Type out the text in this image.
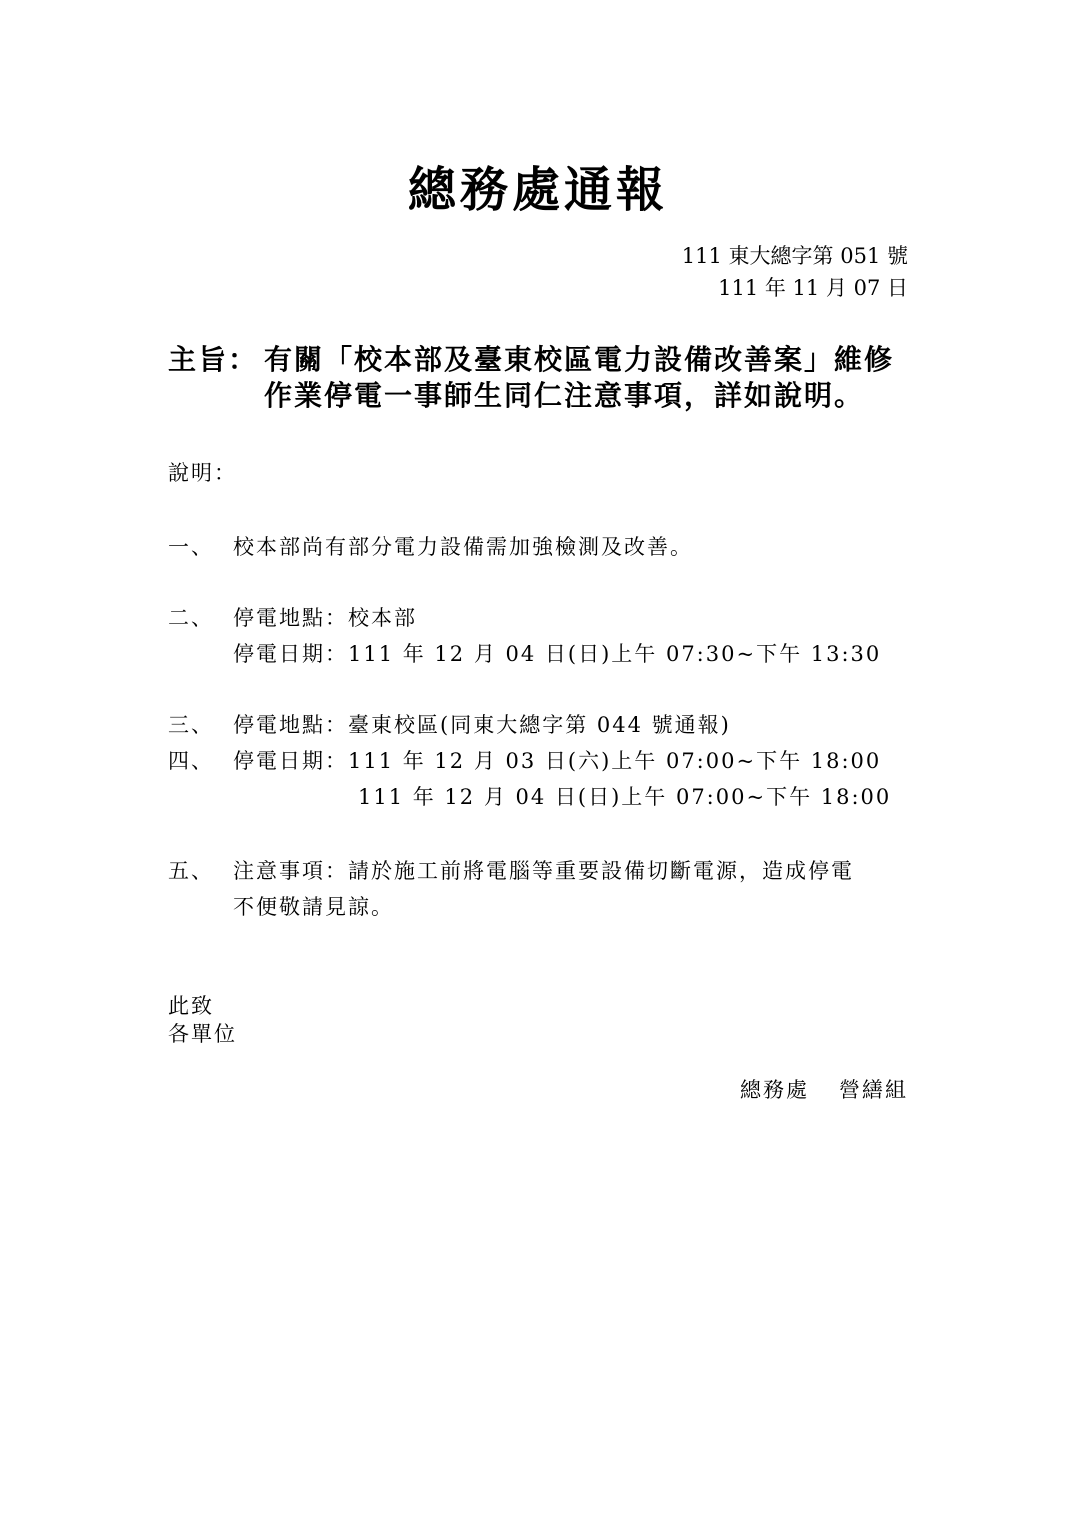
總務處通報
111 東大總字第 051 號
111 年 11 月 07 日
主旨： 有關「校本部及臺東校區電力設備改善案」維修作業停電一事師生同仁注意事項，詳如說明。
說明：
一、 校本部尚有部分電力設備需加強檢測及改善。
二、 停電地點：校本部
停電日期：111 年 12 月 04 日(日)上午 07:30~下午 13:30
三、 停電地點：臺東校區(同東大總字第 044 號通報)
四、 停電日期：111 年 12 月 03 日(六)上午 07:00~下午 18:00
111 年 12 月 04 日(日)上午 07:00~下午 18:00
五、 注意事項：請於施工前將電腦等重要設備切斷電源，造成停電
不便敬請見諒。
此致
各單位
總務處 營繕組
